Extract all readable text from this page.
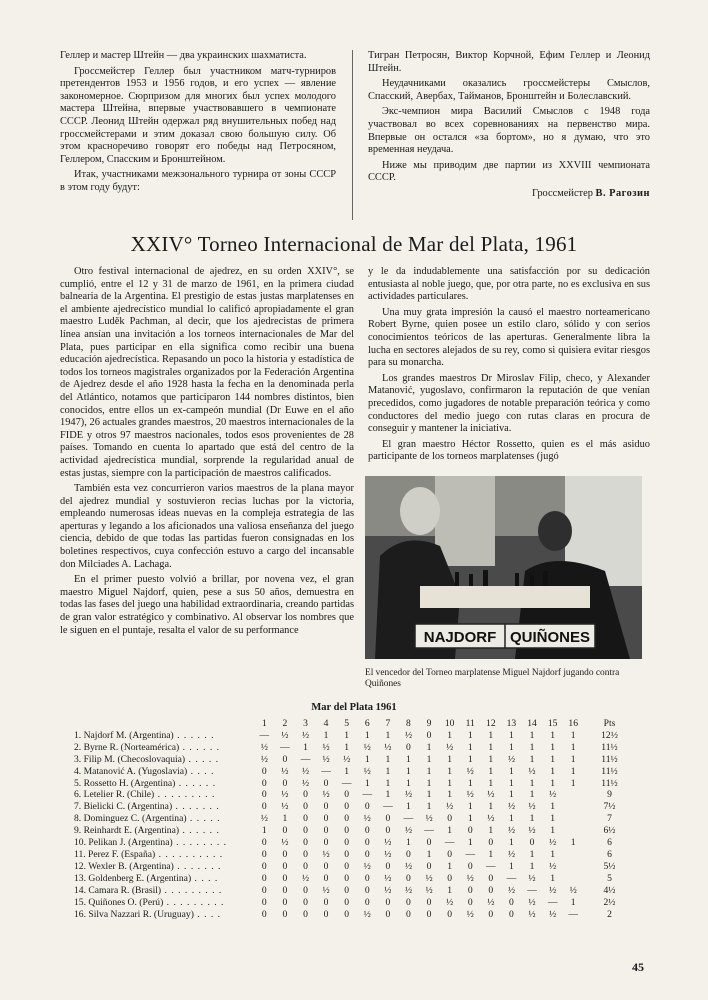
Геллер и мастер Штейн — два украинских шахматиста.

Гроссмейстер Геллер был участником матч-турниров претендентов 1953 и 1956 годов, и его успех — явление закономерное. Сюрпризом для многих был успех молодого мастера Штейна, впервые участвовавшего в чемпионате СССР. Леонид Штейн одержал ряд внушительных побед над гроссмейстерами и этим доказал свою большую силу. Об этом красноречиво говорят его победы над Петросяном, Геллером, Спасским и Бронштейном.

Итак, участниками межзонального турнира от зоны СССР в этом году будут:

Тигран Петросян, Виктор Корчной, Ефим Геллер и Леонид Штейн.

Неудачниками оказались гроссмейстеры Смыслов, Спасский, Авербах, Тайманов, Бронштейн и Болеславский.

Экс-чемпион мира Василий Смыслов с 1948 года участвовал во всех соревнованиях на первенство мира. Впервые он остался «за бортом», но я думаю, что это временная неудача.

Ниже мы приводим две партии из XXVIII чемпионата СССР.

Гроссмейстер В. Рагозин

XXIV° Torneo Internacional de Mar del Plata, 1961

Otro festival internacional de ajedrez, en su orden XXIV°, se cumplió, entre el 12 y 31 de marzo de 1961, en la primera ciudad balnearia de la Argentina. El prestigio de estas justas marplatenses en el ambiente ajedrecístico mundial lo calificó apropiadamente el gran maestro Luděk Pachman, al decir, que los ajedrecistas de primera línea ansían una invitación a los torneos internacionales de Mar del Plata, pues participar en ella significa como recibir una buena educación ajedrecística. Repasando un poco la historia y estadística de todos los torneos magistrales organizados por la Federación Argentina de Ajedrez desde el año 1928 hasta la fecha en la denominada perla del Atlántico, notamos que participaron 144 nombres distintos, bien conocidos, entre ellos un ex-campeón mundial (Dr Euwe en el año 1947), 26 actuales grandes maestros, 20 maestros internacionales de la FIDE y otros 97 maestros nacionales, todos esos provenientes de 28 países. Tomando en cuenta lo apartado que está del centro de la actividad ajedrecística mundial, sorprende la regularidad anual de estas justas, siempre con la participación de maestros calificados.

También esta vez concurrieron varios maestros de la plana mayor del ajedrez mundial y sostuvieron recias luchas por la victoria, empleando numerosas ideas nuevas en la compleja estrategia de las aperturas y legando a los aficionados una valiosa enseñanza del juego ciencia, debido de que todas las partidas fueron consignadas en los boletines respectivos, cuya confección estuvo a cargo del incansable don Milciades A. Lachaga.

En el primer puesto volvió a brillar, por novena vez, el gran maestro Miguel Najdorf, quien, pese a sus 50 años, demuestra en todas las fases del juego una habilidad extraordinaria, creando partidas de gran valor estratégico y combinativo. Al observar los nombres que le siguen en el puntaje, resalta el valor de su performance

y le da indudablemente una satisfacción por su dedicación entusiasta al noble juego, que, por otra parte, no es exclusiva en sus actividades particulares.

Una muy grata impresión la causó el maestro norteamericano Robert Byrne, quien posee un estilo claro, sólido y con serios conocimientos teóricos de las aperturas. Generalmente libra la lucha en sectores alejados de su rey, como si quisiera evitar riesgos para su monarcha.

Los grandes maestros Dr Miroslav Filip, checo, y Alexander Matanović, yugoslavo, confirmaron la reputación de que venían precedidos, como jugadores de notable preparación teórica y como conductores del medio juego con rutas claras en procura de conseguir y mantener la iniciativa.

El gran maestro Héctor Rossetto, quien es el más asiduo participante de los torneos marplatenses (jugó

NAJDORF QUIÑONES
El vencedor del Torneo marplatense Miguel Najdorf jugando contra Quiñones
Mar del Plata 1961
	1	2	3	4	5	6	7	8	9	10	11	12	13	14	15	16	Pts
1. Najdorf M. (Argentina) . . . . . .	—	½	½	1	1	1	1	½	0	1	1	1	1	1	1	1	12½
2. Byrne R. (Norteamérica) . . . . . .	½	—	1	½	1	½	½	0	1	½	1	1	1	1	1	1	11½
3. Filip M. (Checoslovaquia) . . . . .	½	0	—	½	½	1	1	1	1	1	1	1	½	1	1	1	11½
4. Matanović A. (Yugoslavia) . . . .	0	½	½	—	1	½	1	1	1	1	½	1	1	½	1	1	11½
5. Rossetto H. (Argentina) . . . . . .	0	0	½	0	—	1	1	1	1	1	1	1	1	1	1	1	11½
6. Letelier R. (Chile) . . . . . . . . .	0	½	0	½	0	—	1	½	1	1	½	½	1	1	½		9
7. Bielicki C. (Argentina) . . . . . . .	0	½	0	0	0	0	—	1	1	½	1	1	½	½	1		7½
8. Dominguez C. (Argentina) . . . . .	½	1	0	0	0	½	0	—	½	0	1	½	1	1	1		7
9. Reinhardt E. (Argentina) . . . . . .	1	0	0	0	0	0	0	½	—	1	0	1	½	½	1		6½
10. Pelikan J. (Argentina) . . . . . . . .	0	½	0	0	0	0	½	1	0	—	1	0	1	0	½	1	6
11. Perez F. (España) . . . . . . . . . .	0	0	0	½	0	0	½	0	1	0	—	1	½	1	1		6
12. Wexler B. (Argentina) . . . . . . .	0	0	0	0	0	½	0	½	0	1	0	—	1	1	½		5½
13. Goldenberg E. (Argentina) . . . .	0	0	½	0	0	0	½	0	½	0	½	0	—	½	1		5
14. Camara R. (Brasil) . . . . . . . . .	0	0	0	½	0	0	½	½	½	1	0	0	½	—	½	½	4½
15. Quiñones O. (Perú) . . . . . . . . .	0	0	0	0	0	0	0	0	0	½	0	½	0	½	—	1	2½
16. Silva Nazzari R. (Uruguay) . . . .	0	0	0	0	0	½	0	0	0	0	½	0	0	½	½	—	2
45
